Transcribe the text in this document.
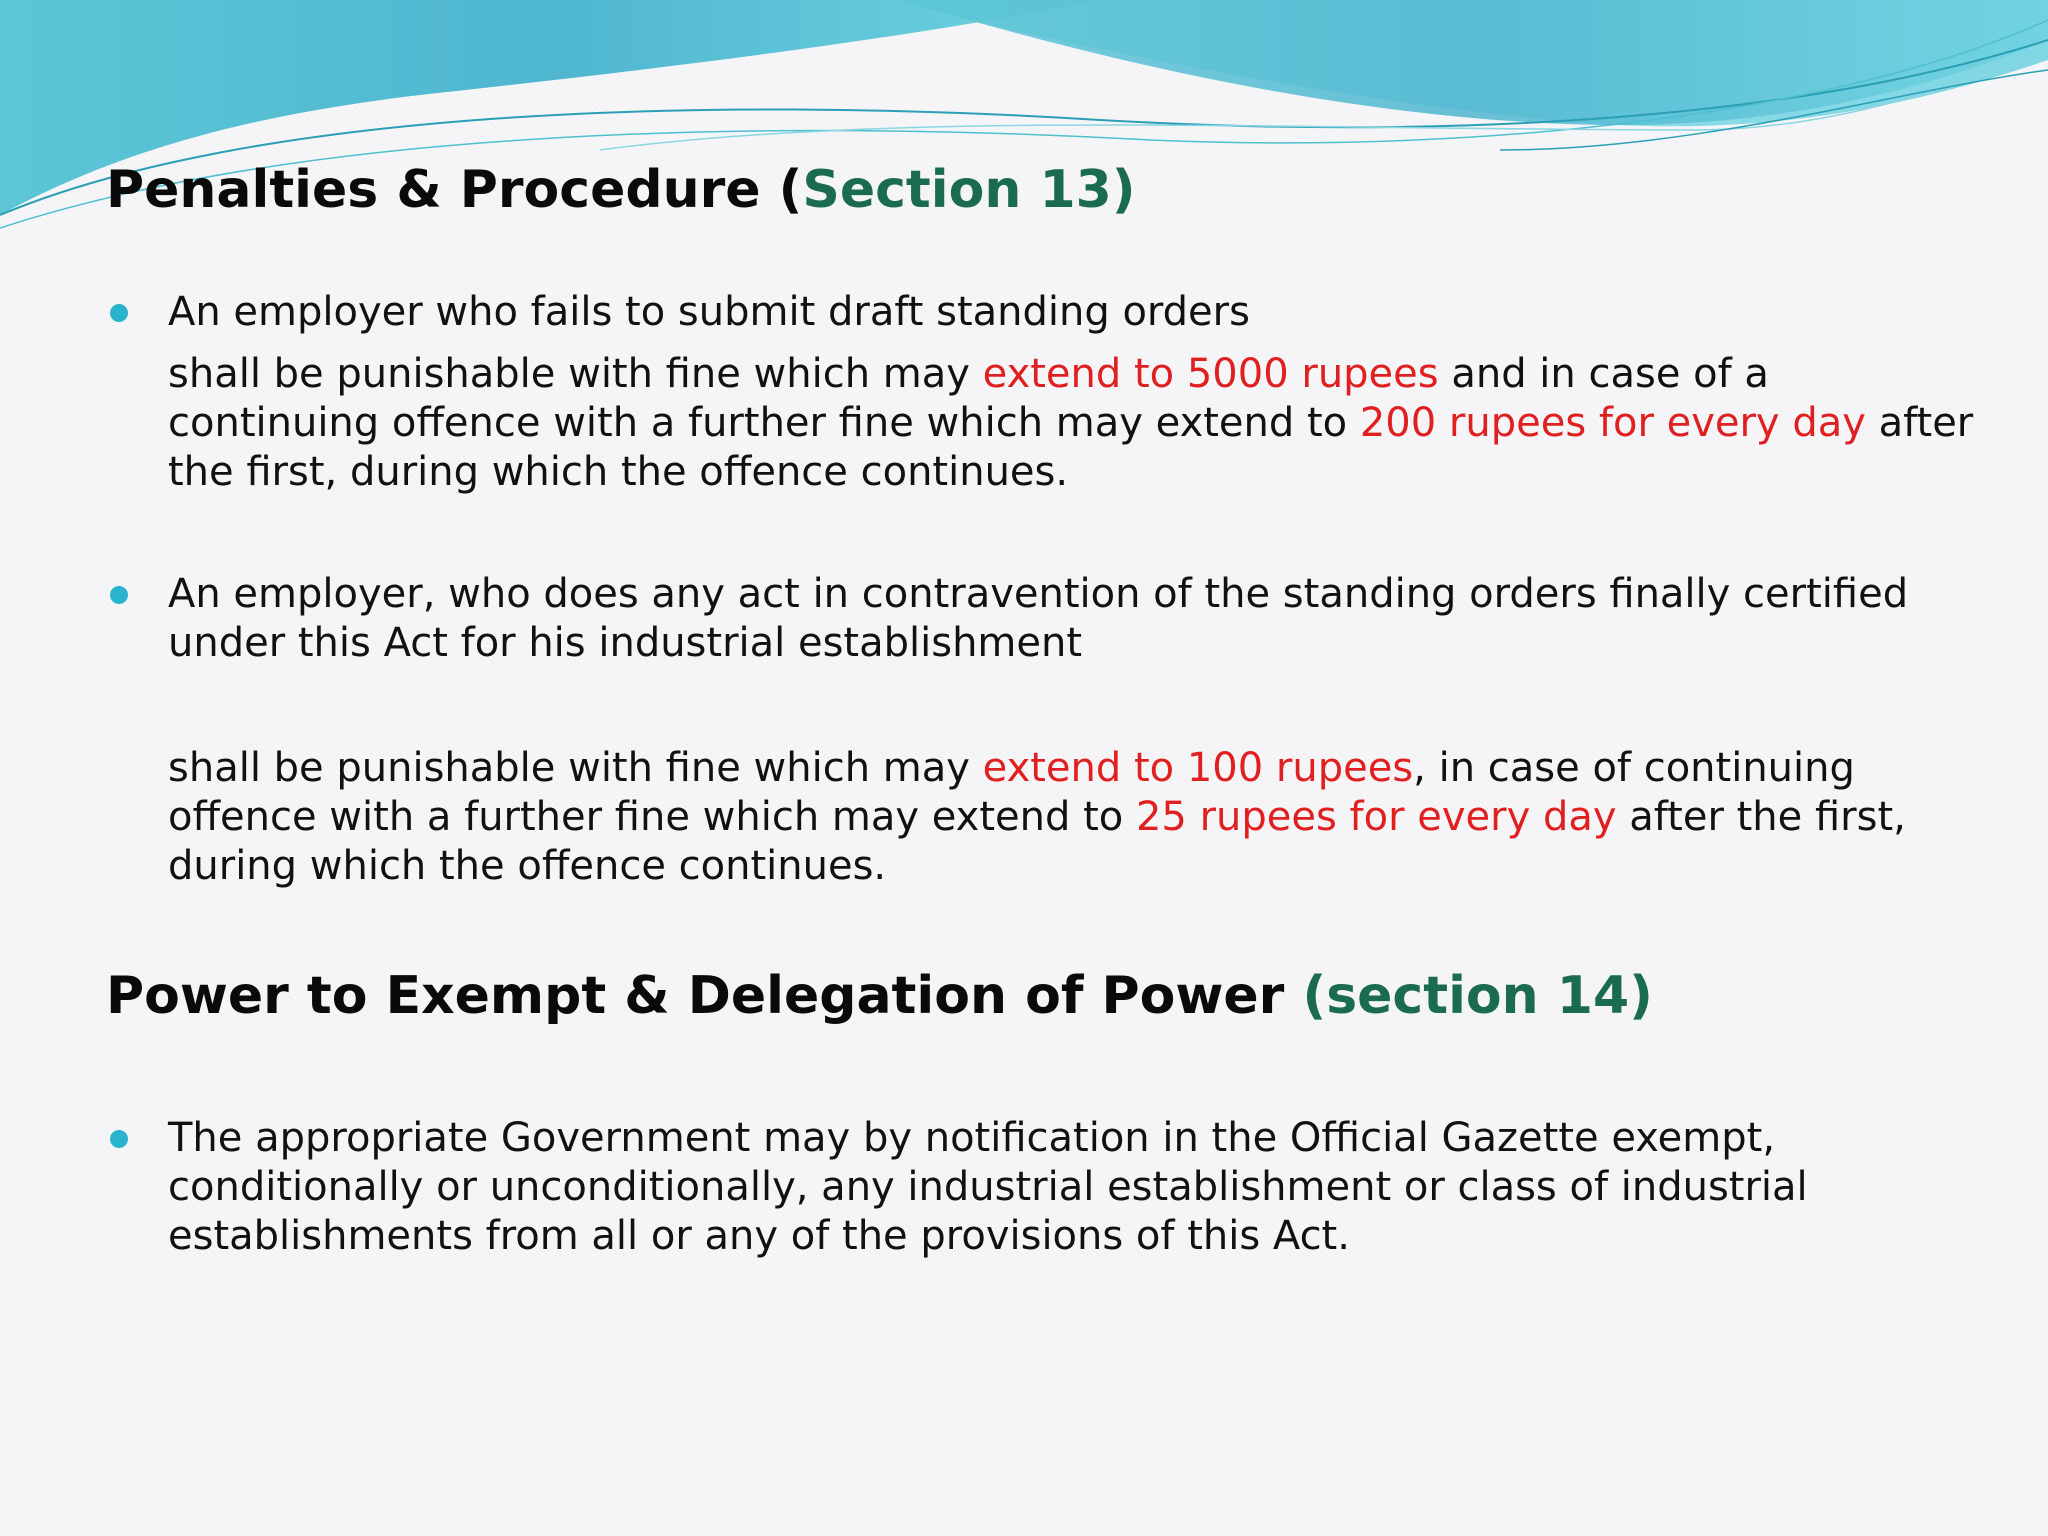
Penalties & Procedure (Section 13)

An employer who fails to submit draft standing orders

shall be punishable with fine which may extend to 5000 rupees and in case of a continuing offence with a further fine which may extend to 200 rupees for every day after the first, during which the offence continues.

An employer, who does any act in contravention of the standing orders finally certified under this Act for his industrial establishment

shall be punishable with fine which may extend to 100 rupees, in case of continuing offence with a further fine which may extend to 25 rupees for every day after the first, during which the offence continues.

Power to Exempt & Delegation of Power (section 14)

The appropriate Government may by notification in the Official Gazette exempt, conditionally or unconditionally, any industrial establishment or class of industrial establishments from all or any of the provisions of this Act.
